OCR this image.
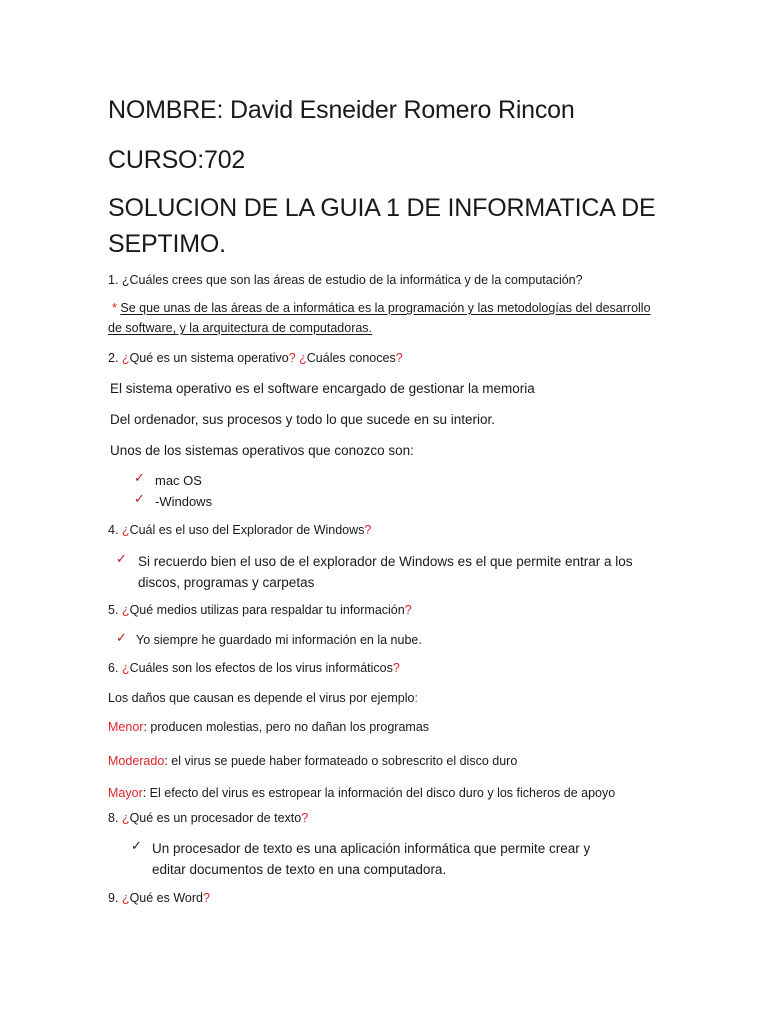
NOMBRE: David Esneider Romero Rincon
CURSO:702
SOLUCION DE LA GUIA 1 DE INFORMATICA DE
SEPTIMO.
1. ¿Cuáles crees que son las áreas de estudio de la informática y de la computación?
* Se que unas de las áreas de a informática es la programación y las metodologías del desarrollo
de software, y la arquitectura de computadoras.
2. ¿Qué es un sistema operativo? ¿Cuáles conoces?
El sistema operativo es el software encargado de gestionar la memoria
Del ordenador, sus procesos y todo lo que sucede en su interior.
Unos de los sistemas operativos que conozco son:
✓ mac OS
✓ -Windows
4. ¿Cuál es el uso del Explorador de Windows?
✓ Si recuerdo bien el uso de el explorador de Windows es el que permite entrar a los
discos, programas y carpetas
5. ¿Qué medios utilizas para respaldar tu información?
✓ Yo siempre he guardado mi información en la nube.
6. ¿Cuáles son los efectos de los virus informáticos?
Los daños que causan es depende el virus por ejemplo:
Menor: producen molestias, pero no dañan los programas
Moderado: el virus se puede haber formateado o sobrescrito el disco duro
Mayor: El efecto del virus es estropear la información del disco duro y los ficheros de apoyo
8. ¿Qué es un procesador de texto?
✓ Un procesador de texto es una aplicación informática que permite crear y
editar documentos de texto en una computadora.
9. ¿Qué es Word?
